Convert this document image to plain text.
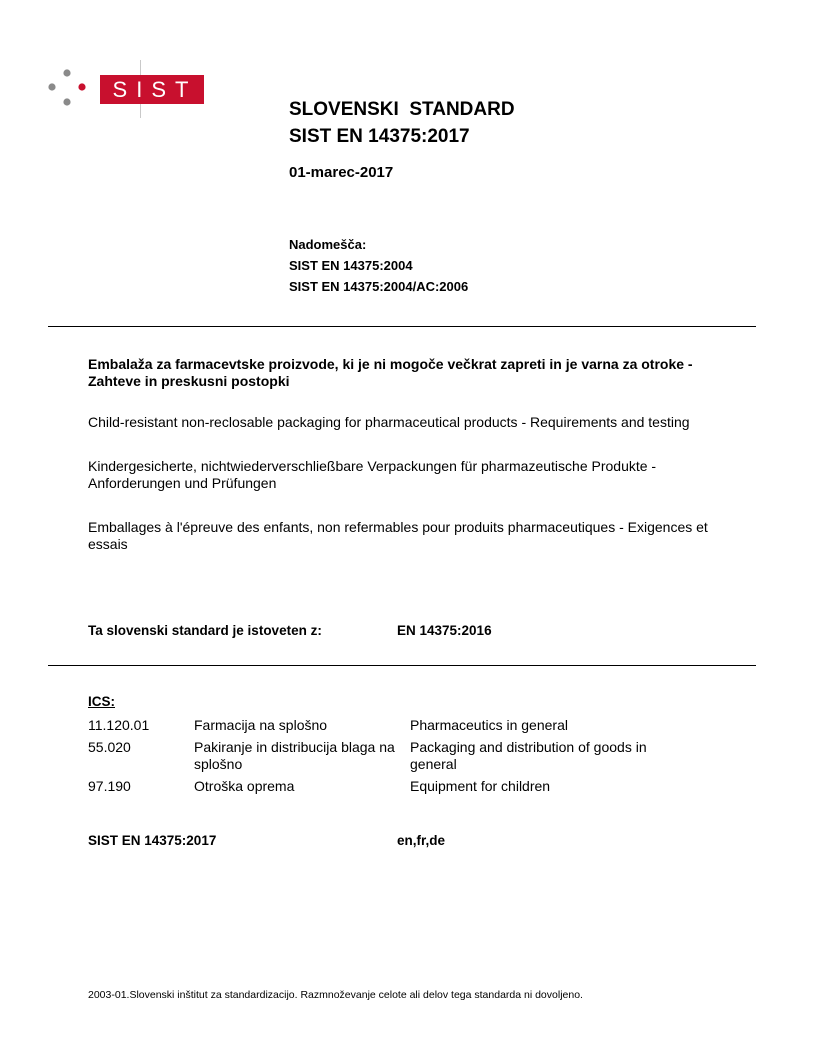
SIST
SLOVENSKI  STANDARD
SIST EN 14375:2017
01-marec-2017
Nadomešča:
SIST EN 14375:2004
SIST EN 14375:2004/AC:2006

Embalaža za farmacevtske proizvode, ki je ni mogoče večkrat zapreti in je varna za otroke - Zahteve in preskusni postopki

Child-resistant non-reclosable packaging for pharmaceutical products - Requirements and testing

Kindergesicherte, nichtwiederverschließbare Verpackungen für pharmazeutische Produkte - Anforderungen und Prüfungen

Emballages à l'épreuve des enfants, non refermables pour produits pharmaceutiques - Exigences et essais

Ta slovenski standard je istoveten z:	EN 14375:2016
ICS:
11.120.01	Farmacija na splošno	Pharmaceutics in general
55.020	Pakiranje in distribucija blaga na splošno	Packaging and distribution of goods in general
97.190	Otroška oprema	Equipment for children
SIST EN 14375:2017	en,fr,de
2003-01.Slovenski inštitut za standardizacijo. Razmnoževanje celote ali delov tega standarda ni dovoljeno.
